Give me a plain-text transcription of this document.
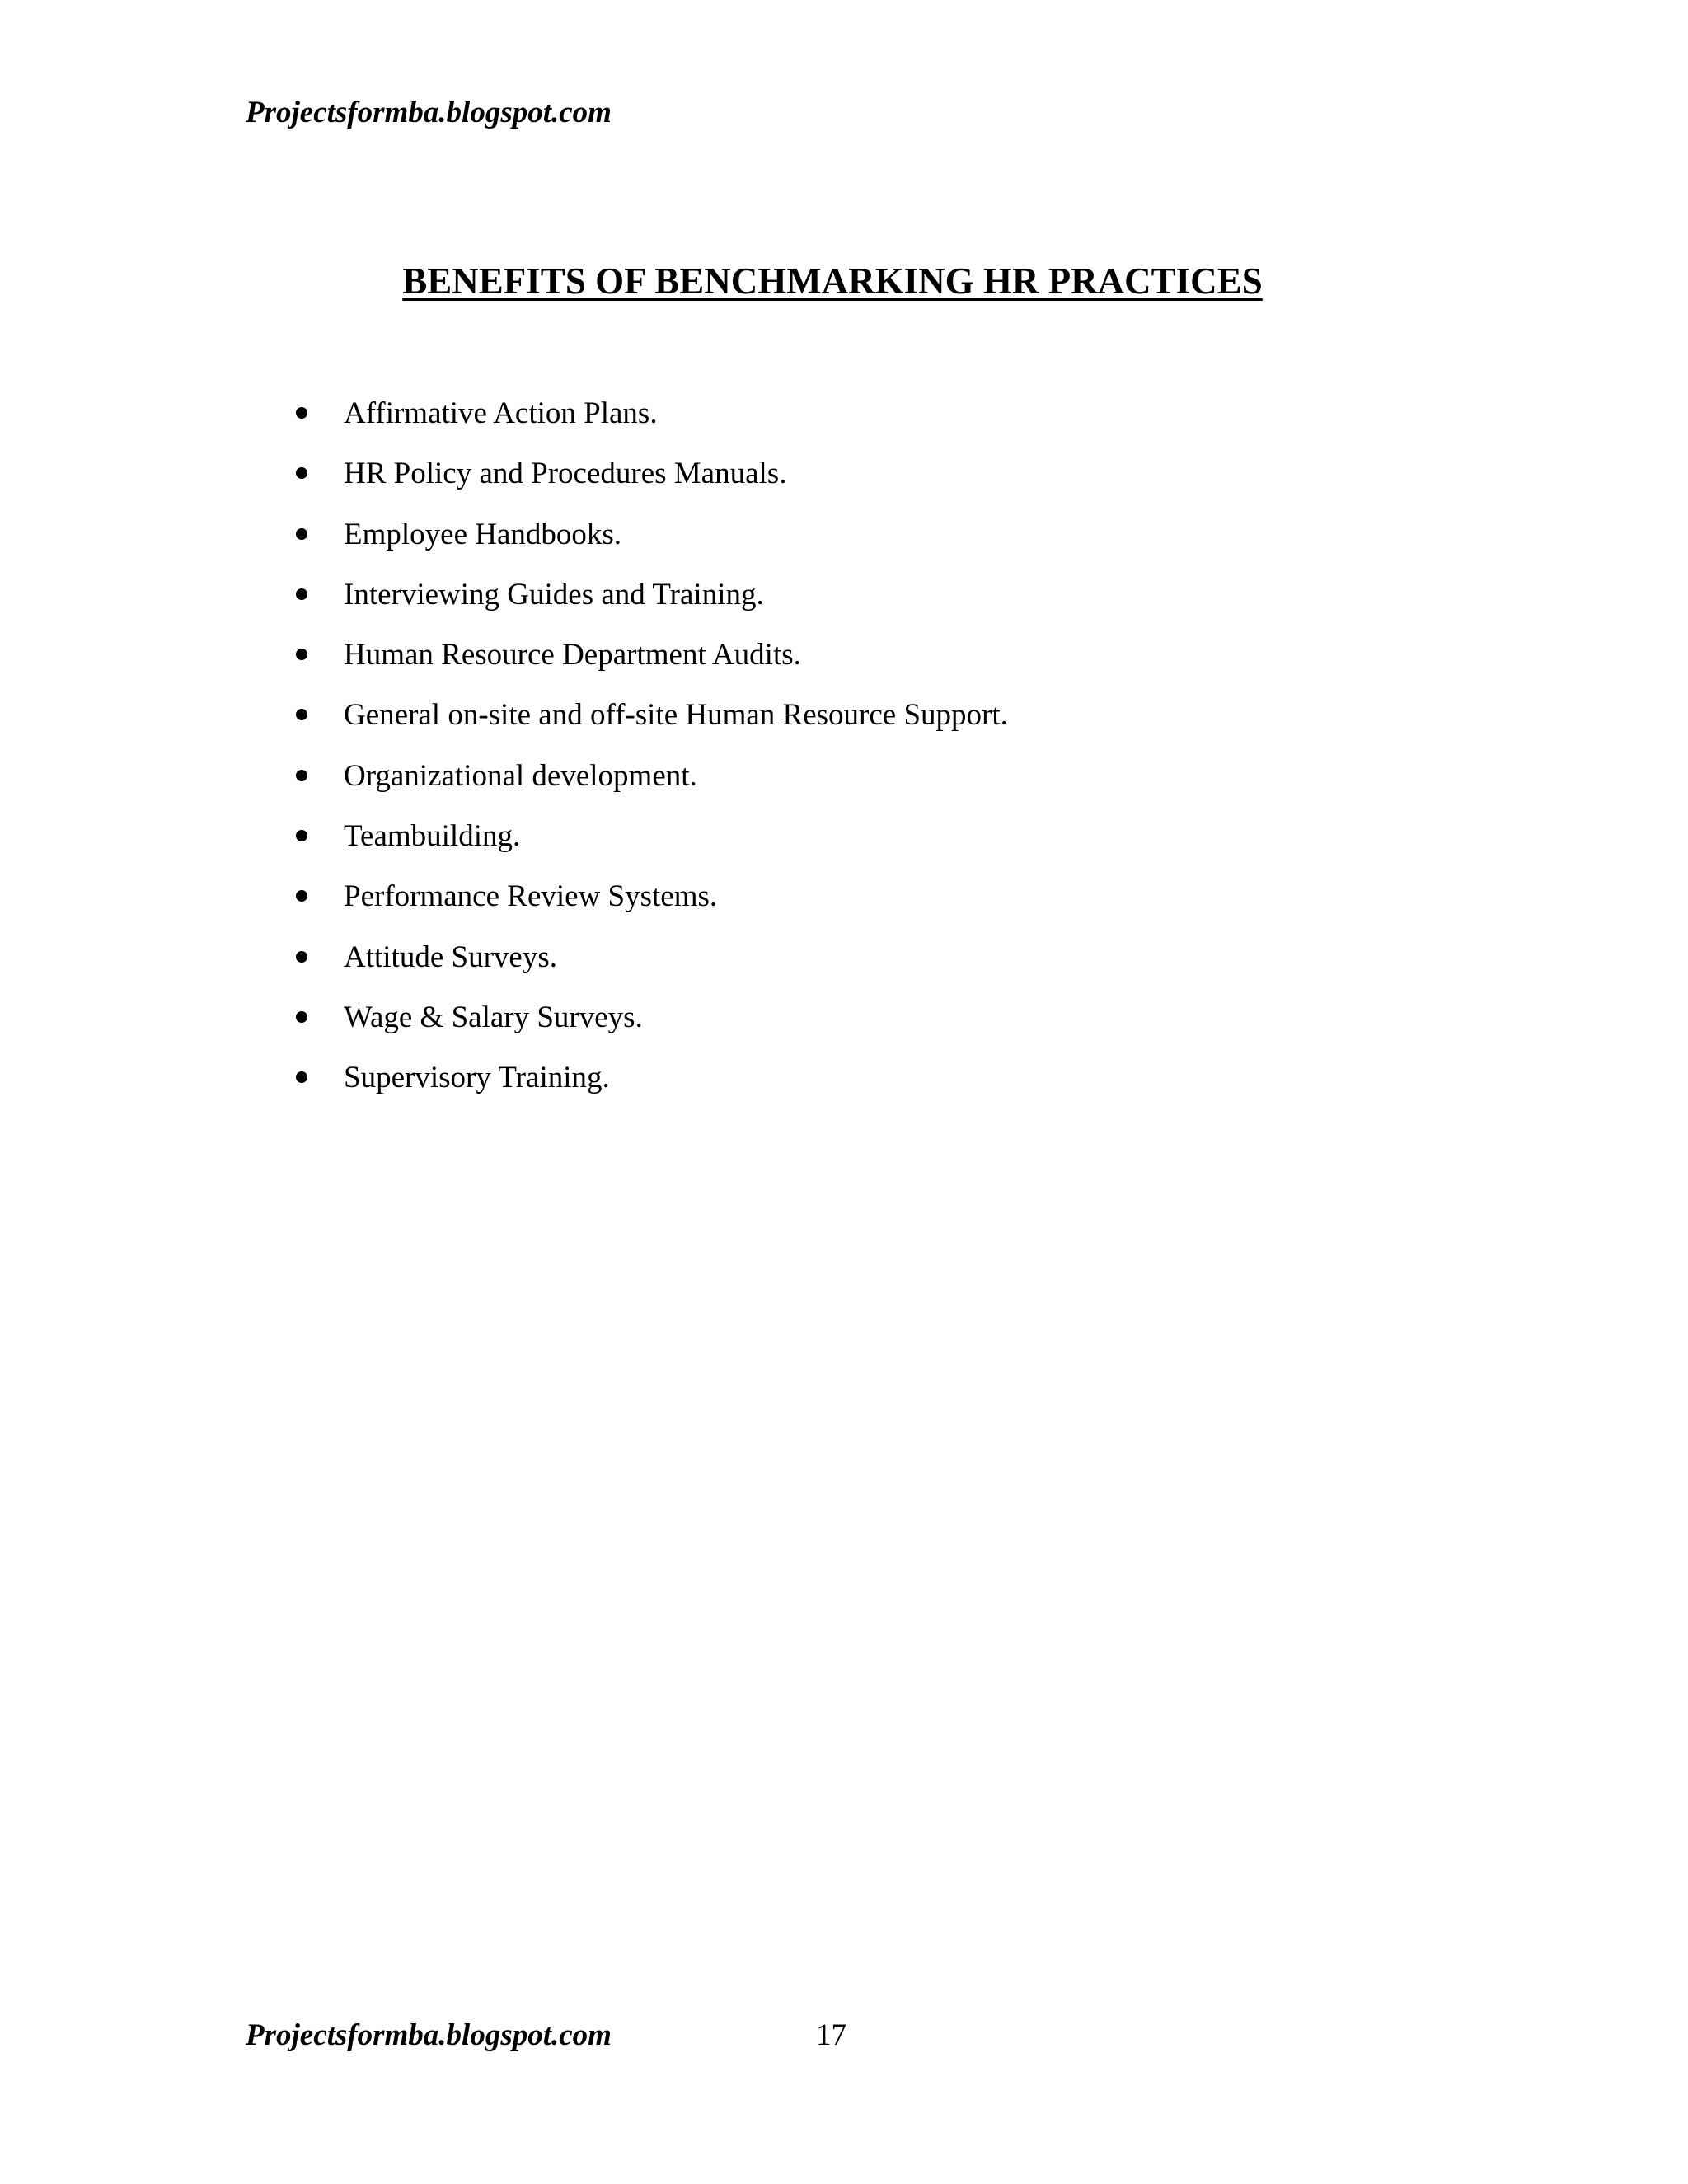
Projectsformba.blogspot.com
BENEFITS OF BENCHMARKING HR PRACTICES
Affirmative Action Plans.
HR Policy and Procedures Manuals.
Employee Handbooks.
Interviewing Guides and Training.
Human Resource Department Audits.
General on-site and off-site Human Resource Support.
Organizational development.
Teambuilding.
Performance Review Systems.
Attitude Surveys.
Wage & Salary Surveys.
Supervisory Training.
Projectsformba.blogspot.com	17
